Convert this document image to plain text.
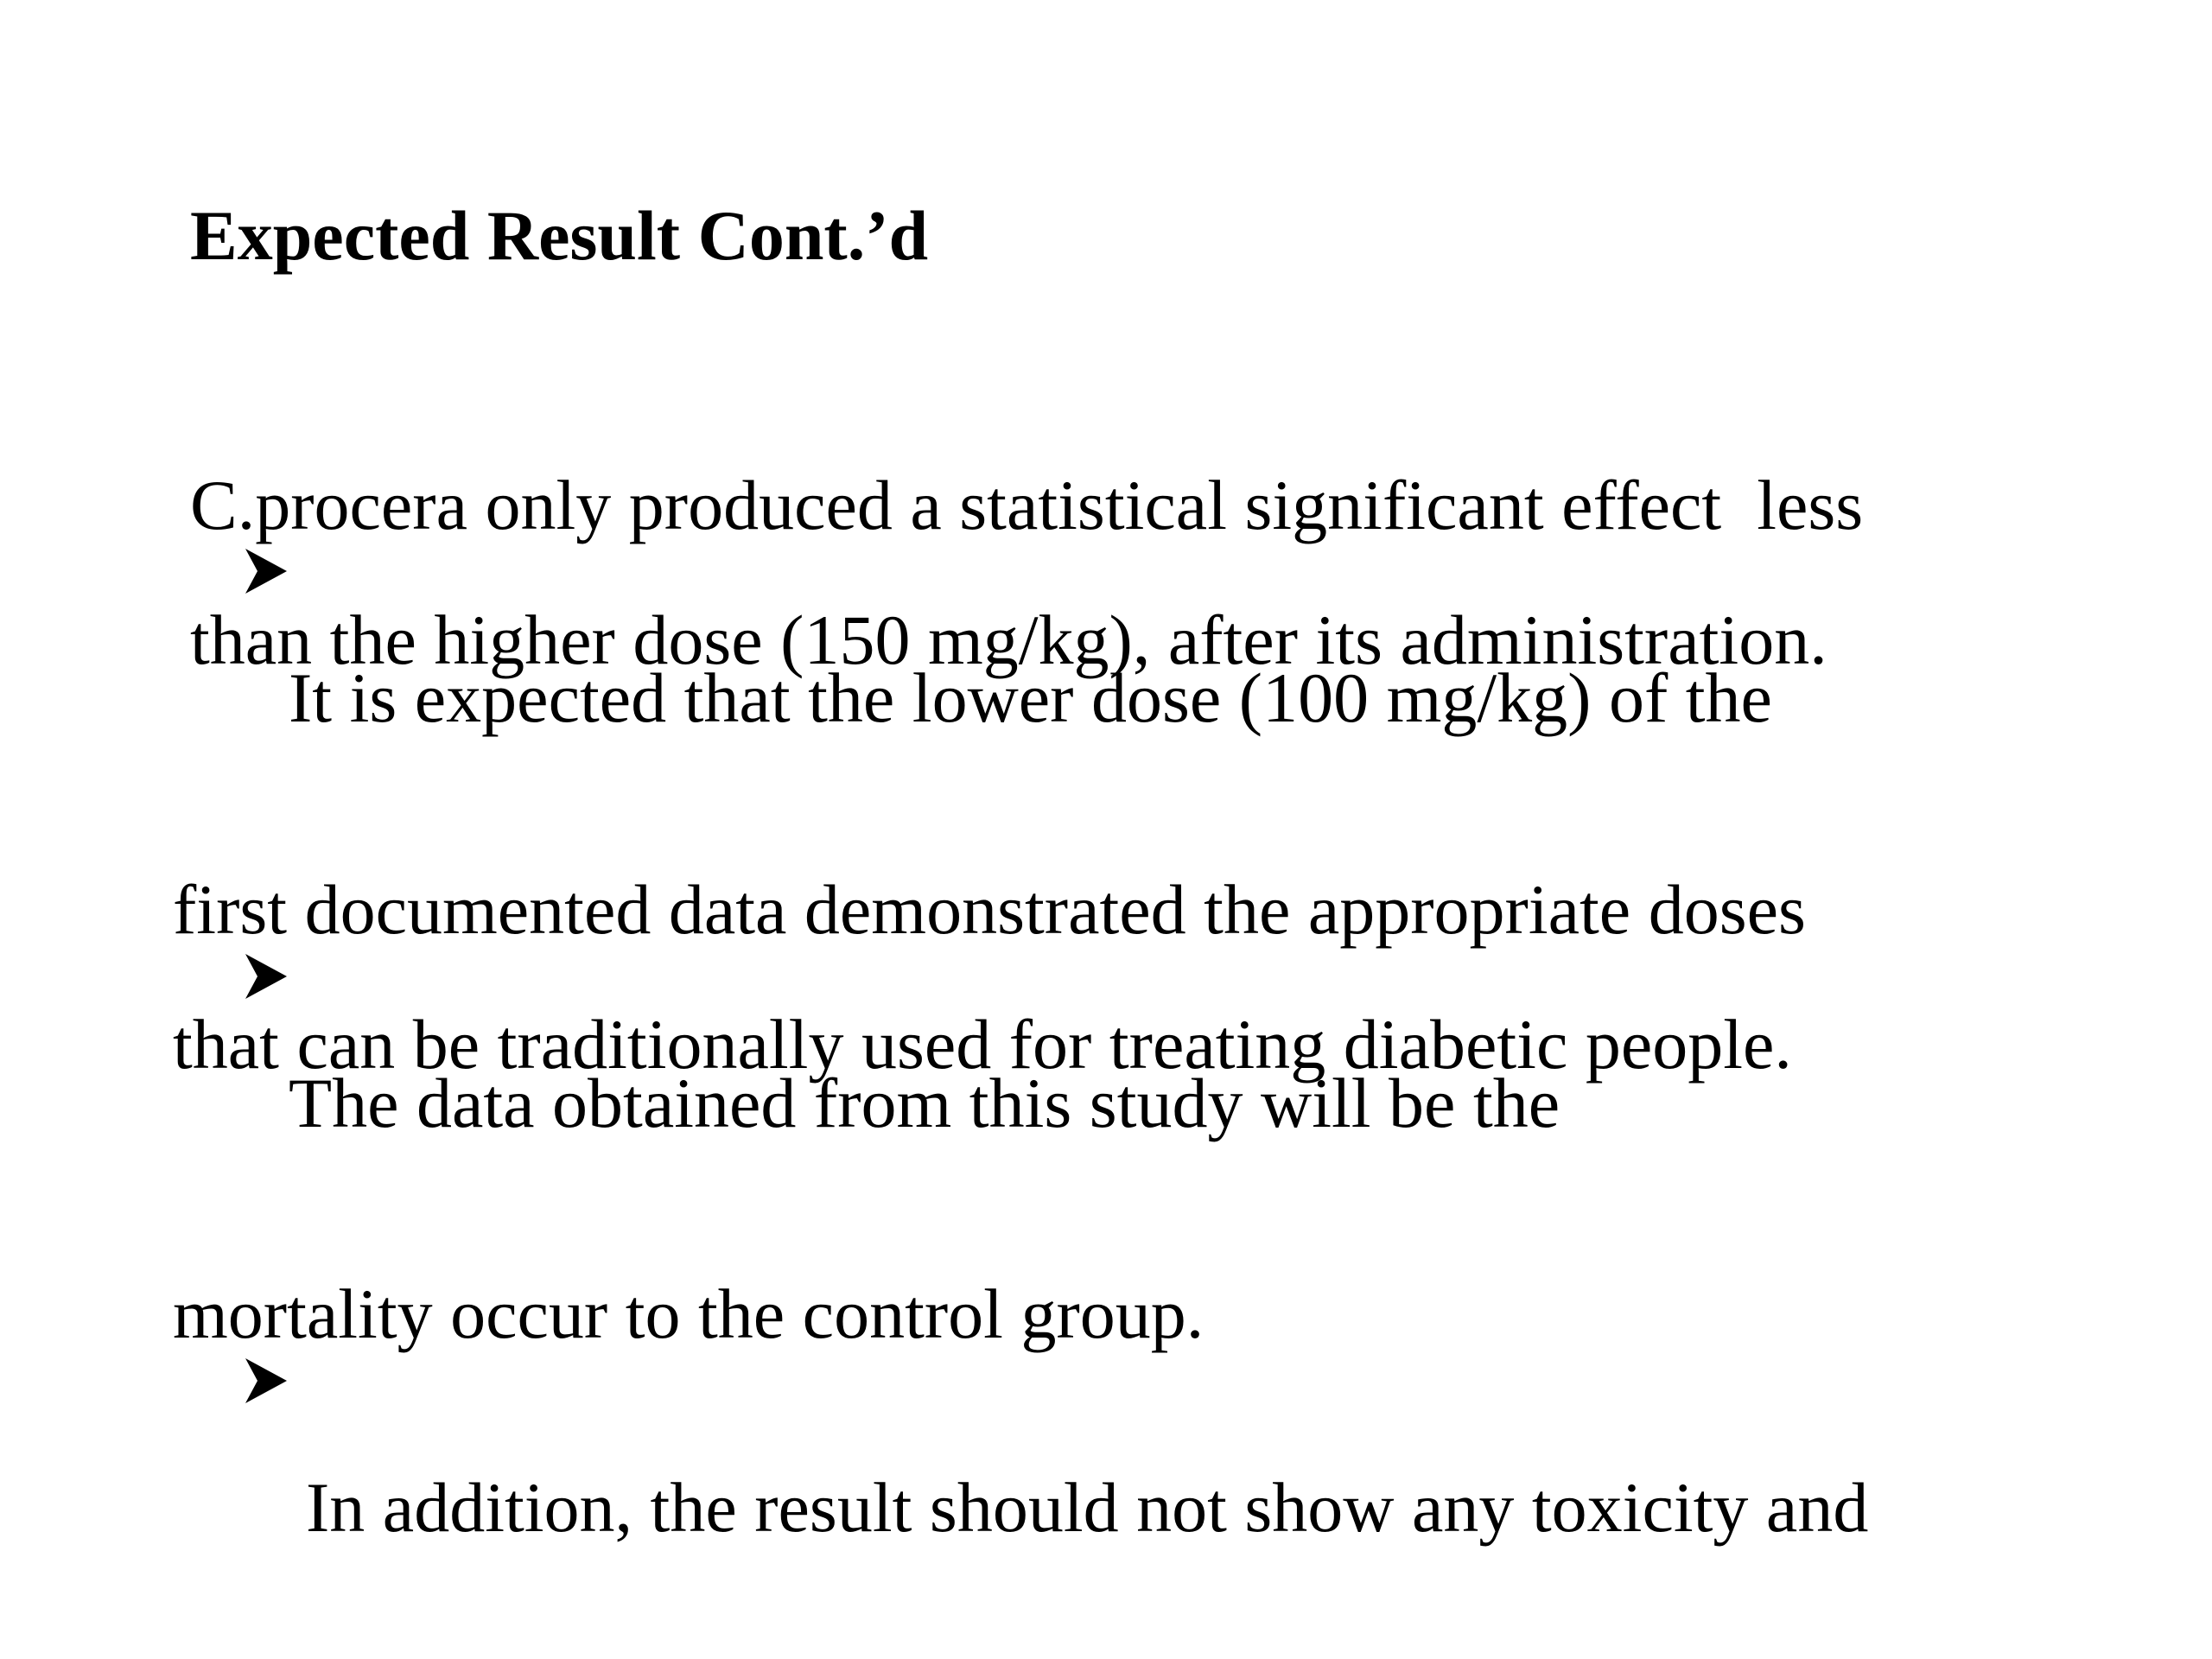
Expected Result Cont.’d

It is expected that the lower dose (100 mg/kg) of the

C.procera only produced a statistical significant effect  less
than the higher dose (150 mg/kg), after its administration.

The data obtained from this study will be the

first documented data demonstrated the appropriate doses
that can be traditionally used for treating diabetic people.

In addition, the result should not show any toxicity and

mortality occur to the control group.
